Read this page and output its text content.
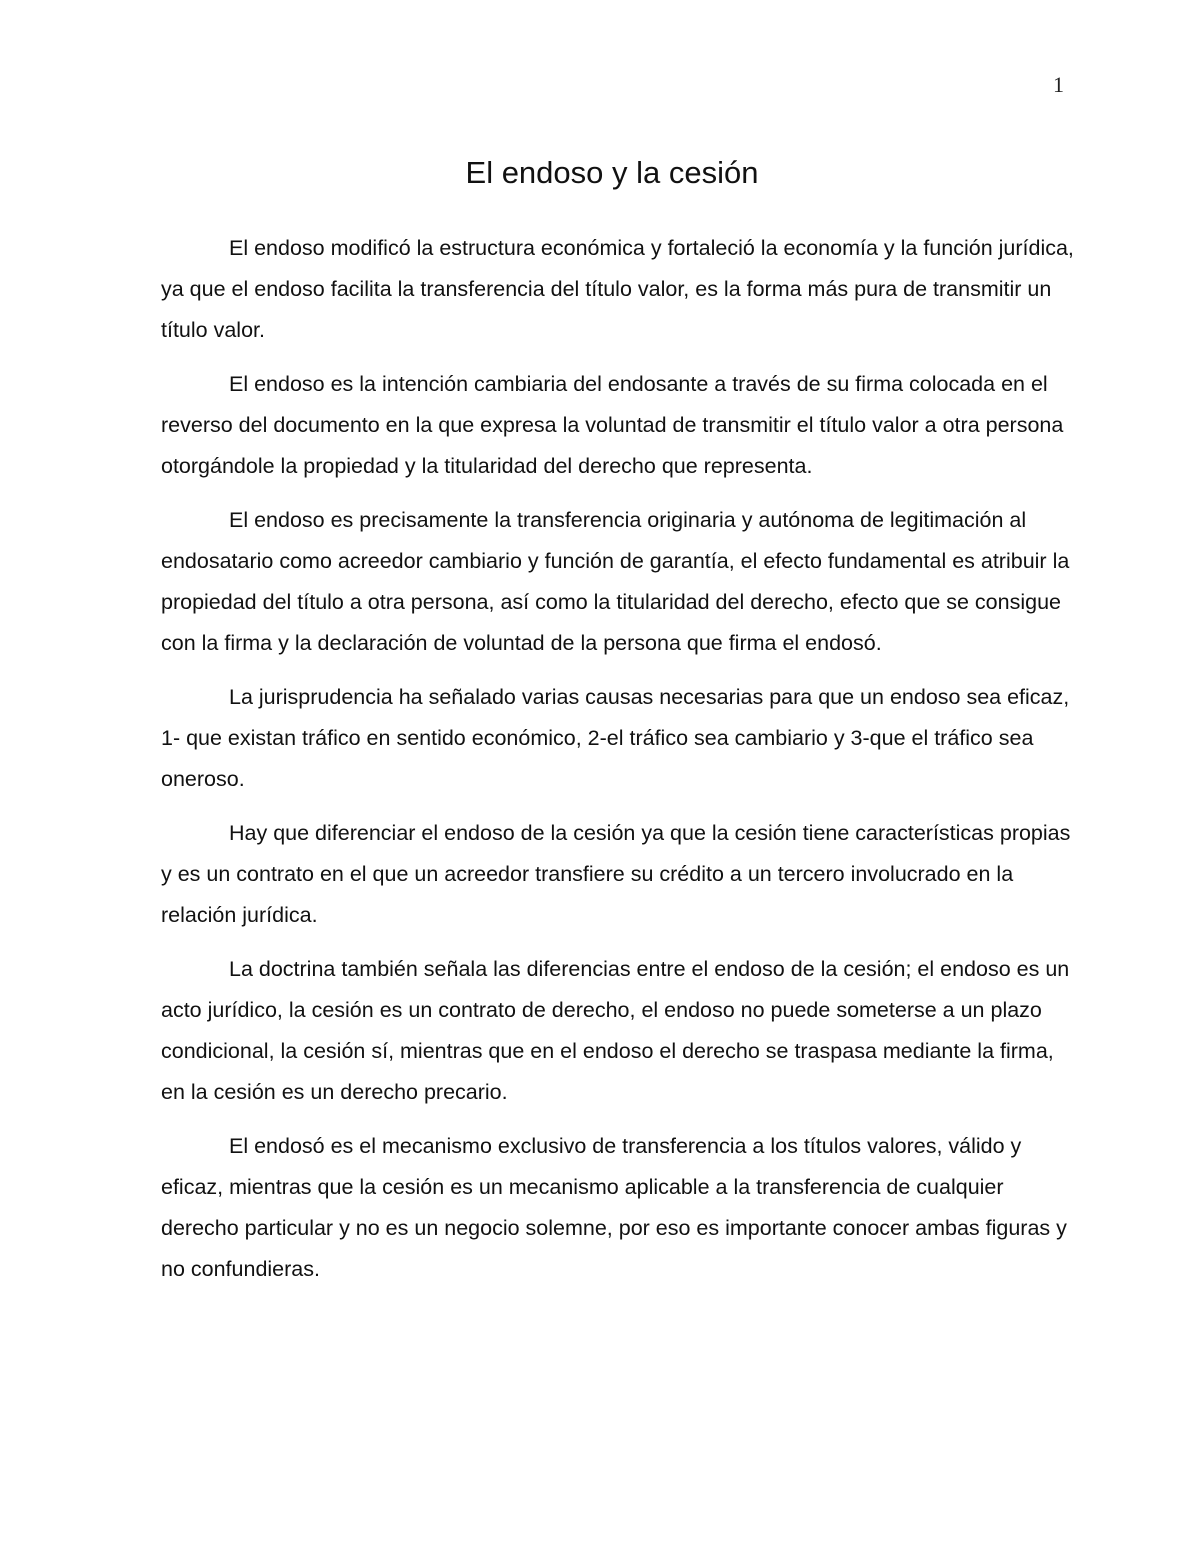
1
El endoso y la cesión

El endoso modificó la estructura económica y fortaleció la economía y la función jurídica, ya que el endoso facilita la transferencia del título valor, es la forma más pura de transmitir un título valor.

El endoso es la intención cambiaria del endosante a través de su firma colocada en el reverso del documento en la que expresa la voluntad de transmitir el título valor a otra persona otorgándole la propiedad y la titularidad del derecho que representa.

El endoso es precisamente la transferencia originaria y autónoma de legitimación al endosatario como acreedor cambiario y función de garantía, el efecto fundamental es atribuir la propiedad del título a otra persona, así como la titularidad del derecho, efecto que se consigue con la firma y la declaración de voluntad de la persona que firma el endosó.

La jurisprudencia ha señalado varias causas necesarias para que un endoso sea eficaz, 1- que existan tráfico en sentido económico, 2-el tráfico sea cambiario y 3-que el tráfico sea oneroso.

Hay que diferenciar el endoso de la cesión ya que la cesión tiene características propias y es un contrato en el que un acreedor transfiere su crédito a un tercero involucrado en la relación jurídica.

La doctrina también señala las diferencias entre el endoso de la cesión; el endoso es un acto jurídico, la cesión es un contrato de derecho, el endoso no puede someterse a un plazo condicional, la cesión sí, mientras que en el endoso el derecho se traspasa mediante la firma, en la cesión es un derecho precario.

El endosó es el mecanismo exclusivo de transferencia a los títulos valores, válido y eficaz, mientras que la cesión es un mecanismo aplicable a la transferencia de cualquier derecho particular y no es un negocio solemne, por eso es importante conocer ambas figuras y no confundieras.
